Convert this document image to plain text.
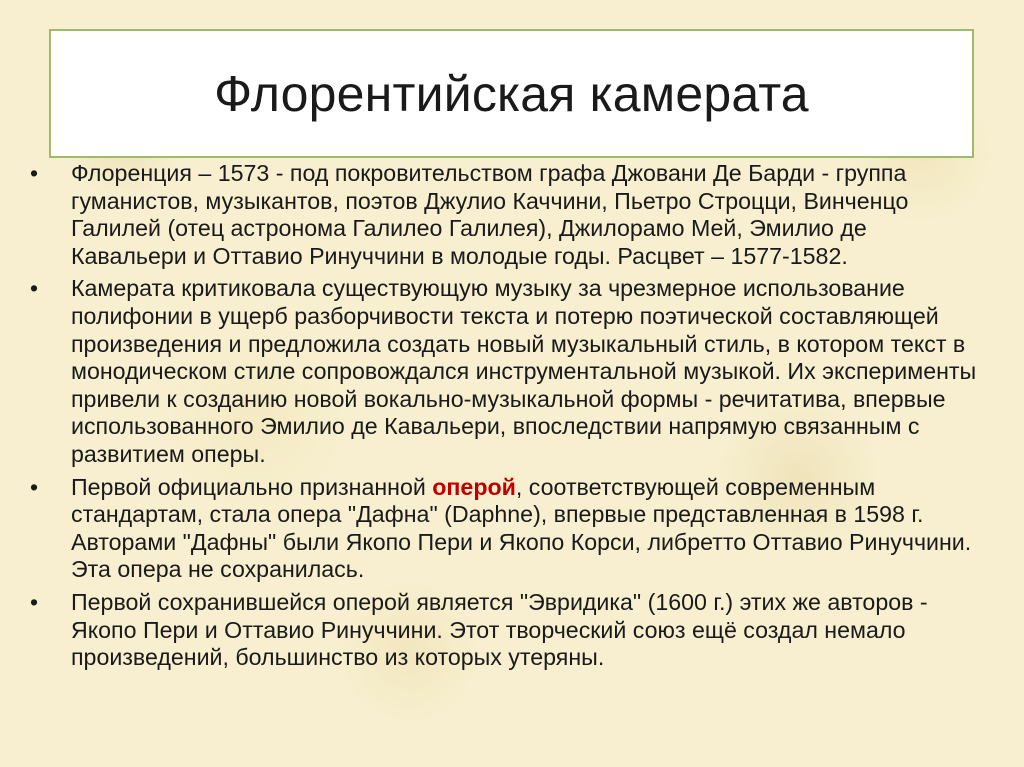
Флорентийская камерата
• Флоренция – 1573 - под покровительством графа Джовани Де Барди - группа гуманистов, музыкантов, поэтов Джулио Каччини, Пьетро Строцци, Винченцо Галилей (отец астронома Галилео Галилея), Джилорамо Мей, Эмилио де Кавальери и Оттавио Ринуччини в молодые годы. Расцвет – 1577-1582.
• Камерата критиковала существующую музыку за чрезмерное использование полифонии в ущерб разборчивости текста и потерю поэтической составляющей произведения и предложила создать новый музыкальный стиль, в котором текст в монодическом стиле сопровождался инструментальной музыкой. Их эксперименты привели к созданию новой вокально-музыкальной формы - речитатива, впервые использованного Эмилио де Кавальери, впоследствии напрямую связанным с развитием оперы.
• Первой официально признанной оперой, соответствующей современным стандартам, стала опера "Дафна" (Daphne), впервые представленная в 1598 г. Авторами "Дафны" были Якопо Пери и Якопо Корси, либретто Оттавио Ринуччини. Эта опера не сохранилась.
• Первой сохранившейся оперой является "Эвридика" (1600 г.) этих же авторов - Якопо Пери и Оттавио Ринуччини. Этот творческий союз ещё создал немало произведений, большинство из которых утеряны.
